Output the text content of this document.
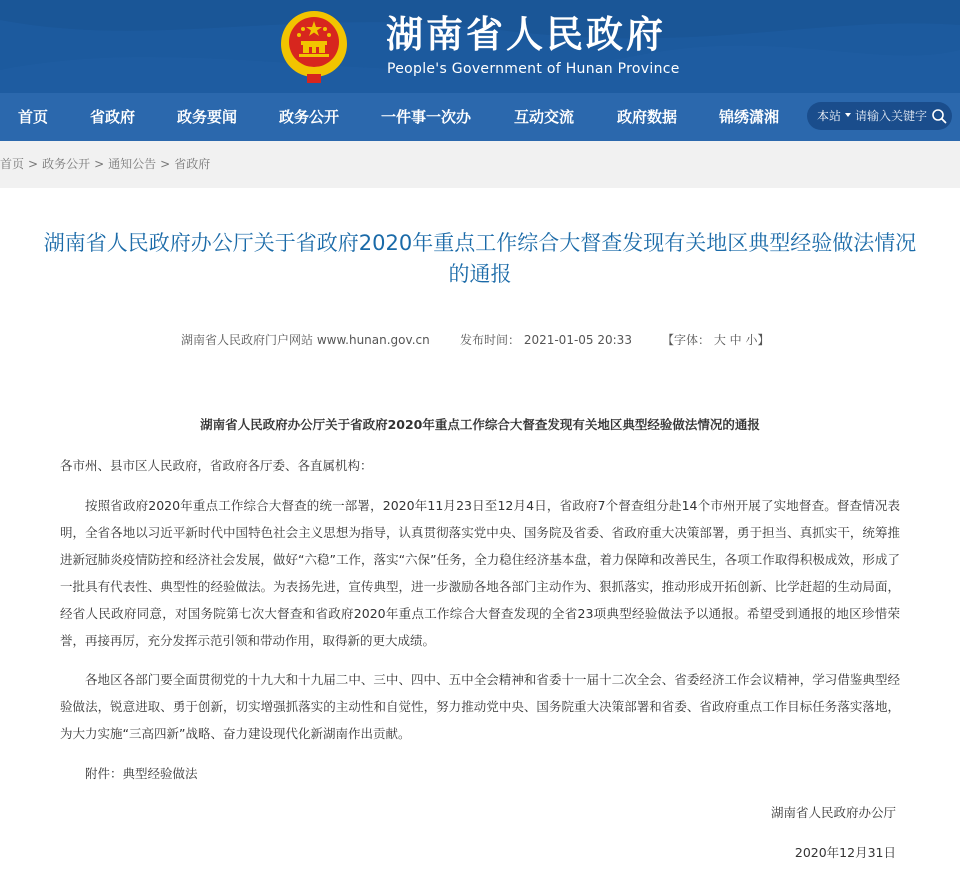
湖南省人民政府
People's Government of Hunan Province
首页	省政府	政务要闻	政务公开	一件事一次办	互动交流	政府数据	锦绣潇湘	本站
请输入关键字
首页 > 政务公开 > 通知公告 > 省政府
湖南省人民政府办公厅关于省政府2020年重点工作综合大督查发现有关地区典型经验做法情况的通报
湖南省人民政府门户网站 www.hunan.gov.cn	发布时间： 2021-01-05 20:33	【字体： 大 中 小】
湖南省人民政府办公厅关于省政府2020年重点工作综合大督查发现有关地区典型经验做法情况的通报
各市州、县市区人民政府，省政府各厅委、各直属机构：
按照省政府2020年重点工作综合大督查的统一部署，2020年11月23日至12月4日，省政府7个督查组分赴14个市州开展了实地督查。督查情况表明，全省各地以习近平新时代中国特色社会主义思想为指导，认真贯彻落实党中央、国务院及省委、省政府重大决策部署，勇于担当、真抓实干，统筹推进新冠肺炎疫情防控和经济社会发展，做好“六稳”工作，落实“六保”任务，全力稳住经济基本盘，着力保障和改善民生，各项工作取得积极成效，形成了一批具有代表性、典型性的经验做法。为表扬先进，宣传典型，进一步激励各地各部门主动作为、狠抓落实，推动形成开拓创新、比学赶超的生动局面，经省人民政府同意，对国务院第七次大督查和省政府2020年重点工作综合大督查发现的全省23项典型经验做法予以通报。希望受到通报的地区珍惜荣誉，再接再厉，充分发挥示范引领和带动作用，取得新的更大成绩。
各地区各部门要全面贯彻党的十九大和十九届二中、三中、四中、五中全会精神和省委十一届十二次全会、省委经济工作会议精神，学习借鉴典型经验做法，锐意进取、勇于创新，切实增强抓落实的主动性和自觉性，努力推动党中央、国务院重大决策部署和省委、省政府重点工作目标任务落实落地，为大力实施“三高四新”战略、奋力建设现代化新湖南作出贡献。
附件：典型经验做法
湖南省人民政府办公厅
2020年12月31日
